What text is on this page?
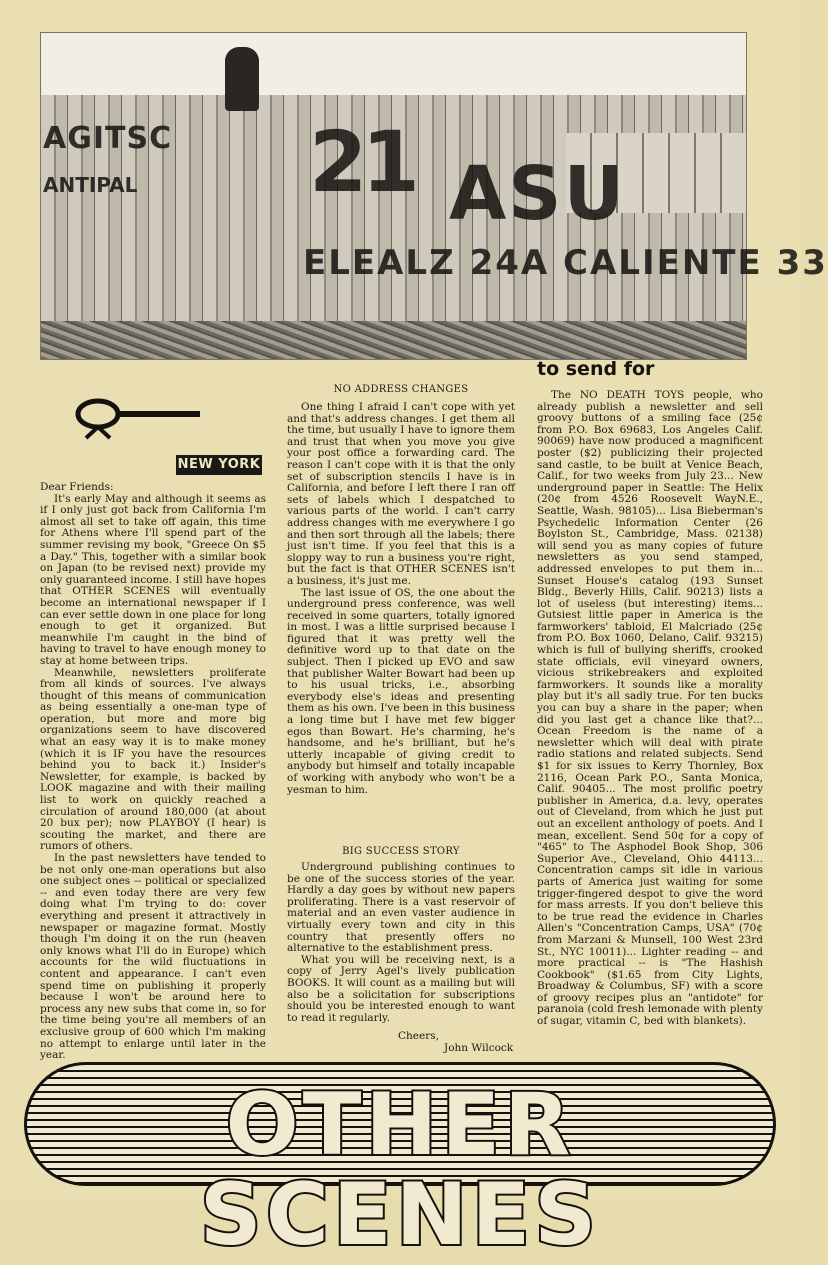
AGITSC
ANTIPAL 21 ASU
ELEALZ 24A CALIENTE 33
NEW YORK
to send for

Dear Friends:

It's early May and although it seems as if I only just got back from California I'm almost all set to take off again, this time for Athens where I'll spend part of the summer revising my book, "Greece On $5 a Day." This, together with a similar book on Japan (to be revised next) provide my only guaranteed income. I still have hopes that OTHER SCENES will eventually become an international newspaper if I can ever settle down in one place for long enough to get it organized. But meanwhile I'm caught in the bind of having to travel to have enough money to stay at home between trips.

Meanwhile, newsletters proliferate from all kinds of sources. I've always thought of this means of communication as being essentially a one-man type of operation, but more and more big organizations seem to have discovered what an easy way it is to make money (which it is IF you have the resources behind you to back it.) Insider's Newsletter, for example, is backed by LOOK magazine and with their mailing list to work on quickly reached a circulation of around 180,000 (at about 20 bux per); now PLAYBOY (I hear) is scouting the market, and there are rumors of others.

In the past newsletters have tended to be not only one-man operations but also one subject ones -- political or specialized -- and even today there are very few doing what I'm trying to do: cover everything and present it attractively in newspaper or magazine format. Mostly though I'm doing it on the run (heaven only knows what I'll do in Europe) which accounts for the wild fluctuations in content and appearance. I can't even spend time on publishing it properly because I won't be around here to process any new subs that come in, so for the time being you're all members of an exclusive group of 600 which I'm making no attempt to enlarge until later in the year.

NO ADDRESS CHANGES

One thing I afraid I can't cope with yet and that's address changes. I get them all the time, but usually I have to ignore them and trust that when you move you give your post office a forwarding card. The reason I can't cope with it is that the only set of subscription stencils I have is in California, and before I left there I ran off sets of labels which I despatched to various parts of the world. I can't carry address changes with me everywhere I go and then sort through all the labels; there just isn't time. If you feel that this is a sloppy way to run a business you're right, but the fact is that OTHER SCENES isn't a business, it's just me.

The last issue of OS, the one about the underground press conference, was well received in some quarters, totally ignored in most. I was a little surprised because I figured that it was pretty well the definitive word up to that date on the subject. Then I picked up EVO and saw that publisher Walter Bowart had been up to his usual tricks, i.e., absorbing everybody else's ideas and presenting them as his own. I've been in this business a long time but I have met few bigger egos than Bowart. He's charming, he's handsome, and he's brilliant, but he's utterly incapable of giving credit to anybody but himself and totally incapable of working with anybody who won't be a yesman to him.

BIG SUCCESS STORY

Underground publishing continues to be one of the success stories of the year. Hardly a day goes by without new papers proliferating. There is a vast reservoir of material and an even vaster audience in virtually every town and city in this country that presently offers no alternative to the establishment press.

What you will be receiving next, is a copy of Jerry Agel's lively publication BOOKS. It will count as a mailing but will also be a solicitation for subscriptions should you be interested enough to want to read it regularly.

Cheers,
John Wilcock

The NO DEATH TOYS people, who already publish a newsletter and sell groovy buttons of a smiling face (25¢ from P.O. Box 69683, Los Angeles Calif. 90069) have now produced a magnificent poster ($2) publicizing their projected sand castle, to be built at Venice Beach, Calif., for two weeks from July 23... New underground paper in Seattle: The Helix (20¢ from 4526 Roosevelt WayN.E., Seattle, Wash. 98105)... Lisa Bieberman's Psychedelic Information Center (26 Boylston St., Cambridge, Mass. 02138) will send you as many copies of future newsletters as you send stamped, addressed envelopes to put them in... Sunset House's catalog (193 Sunset Bldg., Beverly Hills, Calif. 90213) lists a lot of useless (but interesting) items... Gutsiest little paper in America is the farmworkers' tabloid, El Malcriado (25¢ from P.O. Box 1060, Delano, Calif. 93215) which is full of bullying sheriffs, crooked state officials, evil vineyard owners, vicious strikebreakers and exploited farmworkers. It sounds like a morality play but it's all sadly true. For ten bucks you can buy a share in the paper; when did you last get a chance like that?... Ocean Freedom is the name of a newsletter which will deal with pirate radio stations and related subjects. Send $1 for six issues to Kerry Thornley, Box 2116, Ocean Park P.O., Santa Monica, Calif. 90405... The most prolific poetry publisher in America, d.a. levy, operates out of Cleveland, from which he just put out an excellent anthology of poets. And I mean, excellent. Send 50¢ for a copy of "465" to The Asphodel Book Shop, 306 Superior Ave., Cleveland, Ohio 44113... Concentration camps sit idle in various parts of America just waiting for some trigger-fingered despot to give the word for mass arrests. If you don't believe this to be true read the evidence in Charles Allen's "Concentration Camps, USA" (70¢ from Marzani & Munsell, 100 West 23rd St., NYC 10011)... Lighter reading -- and more practical -- is "The Hashish Cookbook" ($1.65 from City Lights, Broadway & Columbus, SF) with a score of groovy recipes plus an "antidote" for paranoia (cold fresh lemonade with plenty of sugar, vitamin C, bed with blankets).

OTHER SCENES
